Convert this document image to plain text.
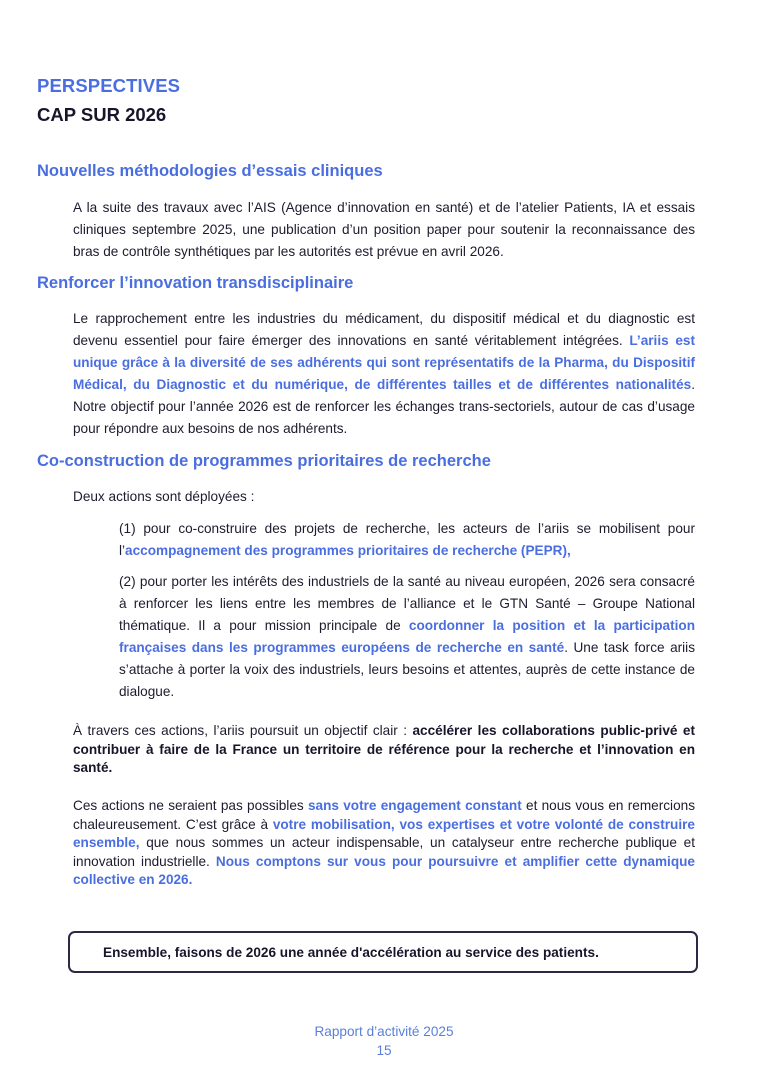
PERSPECTIVES
CAP SUR 2026
Nouvelles méthodologies d’essais cliniques
A la suite des travaux avec l’AIS (Agence d’innovation en santé) et de l’atelier Patients, IA et essais cliniques septembre 2025, une publication d’un position paper pour soutenir la reconnaissance des bras de contrôle synthétiques par les autorités est prévue en avril 2026.
Renforcer l’innovation transdisciplinaire
Le rapprochement entre les industries du médicament, du dispositif médical et du diagnostic est devenu essentiel pour faire émerger des innovations en santé véritablement intégrées. L’ariis est unique grâce à la diversité de ses adhérents qui sont représentatifs de la Pharma, du Dispositif Médical, du Diagnostic et du numérique, de différentes tailles et de différentes nationalités. Notre objectif pour l’année 2026 est de renforcer les échanges trans-sectoriels, autour de cas d’usage pour répondre aux besoins de nos adhérents.
Co-construction de programmes prioritaires de recherche
Deux actions sont déployées :
(1) pour co-construire des projets de recherche, les acteurs de l’ariis se mobilisent pour l’accompagnement des programmes prioritaires de recherche (PEPR),
(2) pour porter les intérêts des industriels de la santé au niveau européen, 2026 sera consacré à renforcer les liens entre les membres de l’alliance et le GTN Santé – Groupe National thématique. Il a pour mission principale de coordonner la position et la participation françaises dans les programmes européens de recherche en santé. Une task force ariis s’attache à porter la voix des industriels, leurs besoins et attentes, auprès de cette instance de dialogue.
À travers ces actions, l’ariis poursuit un objectif clair : accélérer les collaborations public-privé et contribuer à faire de la France un territoire de référence pour la recherche et l’innovation en santé.
Ces actions ne seraient pas possibles sans votre engagement constant et nous vous en remercions chaleureusement. C’est grâce à votre mobilisation, vos expertises et votre volonté de construire ensemble, que nous sommes un acteur indispensable, un catalyseur entre recherche publique et innovation industrielle. Nous comptons sur vous pour poursuivre et amplifier cette dynamique collective en 2026.
Ensemble, faisons de 2026 une année d'accélération au service des patients.
Rapport d’activité 2025
15
